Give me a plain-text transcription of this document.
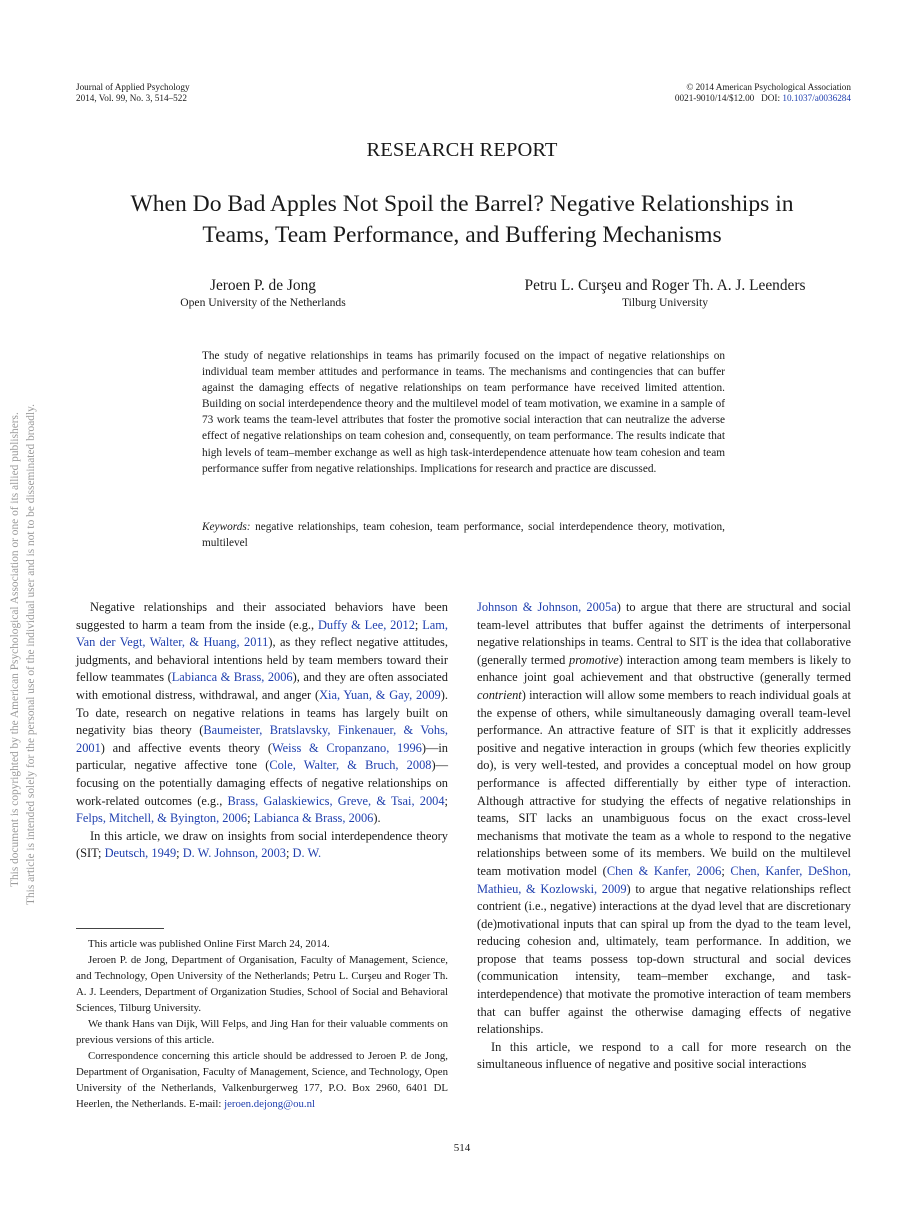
Journal of Applied Psychology
2014, Vol. 99, No. 3, 514–522
© 2014 American Psychological Association
0021-9010/14/$12.00   DOI: 10.1037/a0036284
RESEARCH REPORT
When Do Bad Apples Not Spoil the Barrel? Negative Relationships in
Teams, Team Performance, and Buffering Mechanisms
Jeroen P. de Jong
Open University of the Netherlands
Petru L. Curşeu and Roger Th. A. J. Leenders
Tilburg University
The study of negative relationships in teams has primarily focused on the impact of negative relationships on individual team member attitudes and performance in teams. The mechanisms and contingencies that can buffer against the damaging effects of negative relationships on team performance have received limited attention. Building on social interdependence theory and the multilevel model of team motivation, we examine in a sample of 73 work teams the team-level attributes that foster the promotive social interaction that can neutralize the adverse effect of negative relationships on team cohesion and, consequently, on team performance. The results indicate that high levels of team–member exchange as well as high task-interdependence attenuate how team cohesion and team performance suffer from negative relationships. Implications for research and practice are discussed.
Keywords: negative relationships, team cohesion, team performance, social interdependence theory, motivation, multilevel

Negative relationships and their associated behaviors have been suggested to harm a team from the inside (e.g., Duffy & Lee, 2012; Lam, Van der Vegt, Walter, & Huang, 2011), as they reflect negative attitudes, judgments, and behavioral intentions held by team members toward their fellow teammates (Labianca & Brass, 2006), and they are often associated with emotional distress, withdrawal, and anger (Xia, Yuan, & Gay, 2009). To date, research on negative relations in teams has largely built on negativity bias theory (Baumeister, Bratslavsky, Finkenauer, & Vohs, 2001) and affective events theory (Weiss & Cropanzano, 1996)—in particular, negative affective tone (Cole, Walter, & Bruch, 2008)—focusing on the potentially damaging effects of negative relationships on work-related outcomes (e.g., Brass, Galaskiewics, Greve, & Tsai, 2004; Felps, Mitchell, & Byington, 2006; Labianca & Brass, 2006).

In this article, we draw on insights from social interdependence theory (SIT; Deutsch, 1949; D. W. Johnson, 2003; D. W.

This article was published Online First March 24, 2014.

Jeroen P. de Jong, Department of Organisation, Faculty of Management, Science, and Technology, Open University of the Netherlands; Petru L. Curşeu and Roger Th. A. J. Leenders, Department of Organization Studies, School of Social and Behavioral Sciences, Tilburg University.

We thank Hans van Dijk, Will Felps, and Jing Han for their valuable comments on previous versions of this article.

Correspondence concerning this article should be addressed to Jeroen P. de Jong, Department of Organisation, Faculty of Management, Science, and Technology, Open University of the Netherlands, Valkenburgerweg 177, P.O. Box 2960, 6401 DL Heerlen, the Netherlands. E-mail: jeroen.dejong@ou.nl

Johnson & Johnson, 2005a) to argue that there are structural and social team-level attributes that buffer against the detriments of interpersonal negative relationships in teams. Central to SIT is the idea that collaborative (generally termed promotive) interaction among team members is likely to enhance joint goal achievement and that obstructive (generally termed contrient) interaction will allow some members to reach individual goals at the expense of others, while simultaneously damaging overall team-level performance. An attractive feature of SIT is that it explicitly addresses positive and negative interaction in groups (which few theories explicitly do), is very well-tested, and provides a conceptual model on how group performance is affected differentially by either type of interaction. Although attractive for studying the effects of negative relationships in teams, SIT lacks an unambiguous focus on the exact cross-level mechanisms that motivate the team as a whole to respond to the negative relationships between some of its members. We build on the multilevel team motivation model (Chen & Kanfer, 2006; Chen, Kanfer, DeShon, Mathieu, & Kozlowski, 2009) to argue that negative relationships reflect contrient (i.e., negative) interactions at the dyad level that are discretionary (de)motivational inputs that can spiral up from the dyad to the team level, reducing cohesion and, ultimately, team performance. In addition, we propose that teams possess top-down structural and social devices (communication intensity, team–member exchange, and task-interdependence) that motivate the promotive interaction of team members that can buffer against the otherwise damaging effects of negative relationships.

In this article, we respond to a call for more research on the simultaneous influence of negative and positive social interactions

514
This document is copyrighted by the American Psychological Association or one of its allied publishers. This article is intended solely for the personal use of the individual user and is not to be disseminated broadly.
